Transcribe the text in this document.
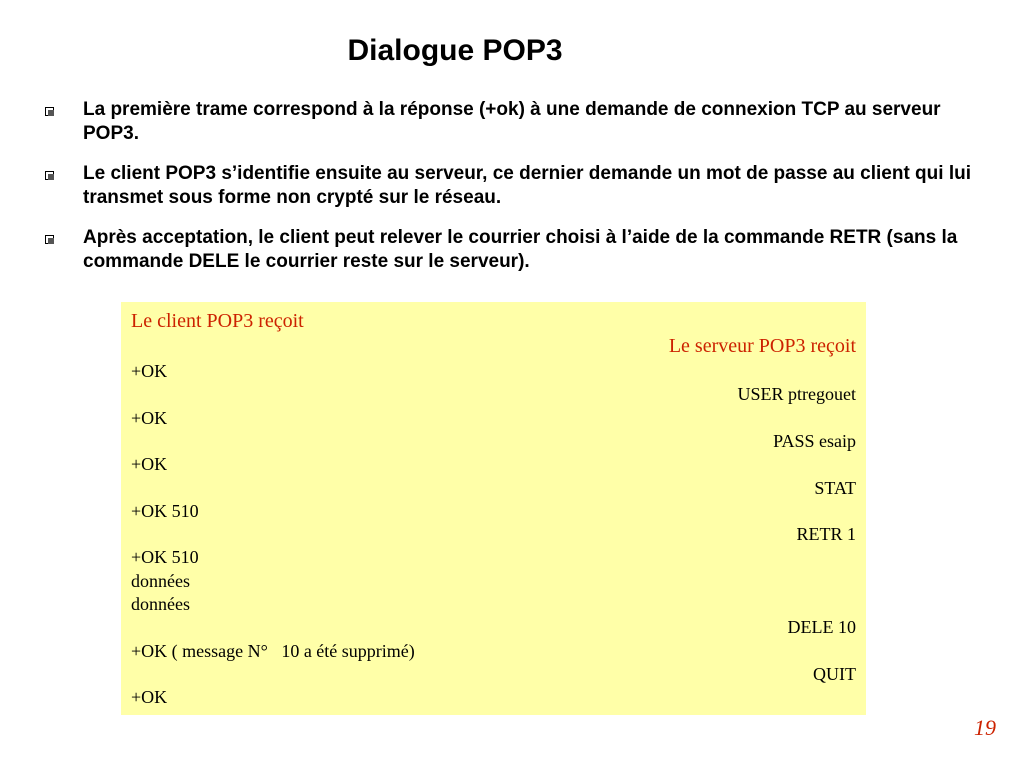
Dialogue POP3
La première trame correspond à la réponse (+ok) à une demande de connexion TCP au serveur POP3.
Le client POP3 s’identifie ensuite au serveur, ce dernier demande un mot de passe au client qui lui transmet sous forme non crypté sur le réseau.
Après acceptation, le client peut relever le courrier choisi à l’aide de la commande RETR (sans la commande DELE le courrier reste sur le serveur).
Le client POP3 reçoit
Le serveur POP3 reçoit
+OK
USER ptregouet
+OK
PASS esaip
+OK
STAT
+OK 510
RETR 1
+OK 510
données
données
DELE 10
+OK ( message N°   10 a été supprimé)
QUIT
+OK
19
